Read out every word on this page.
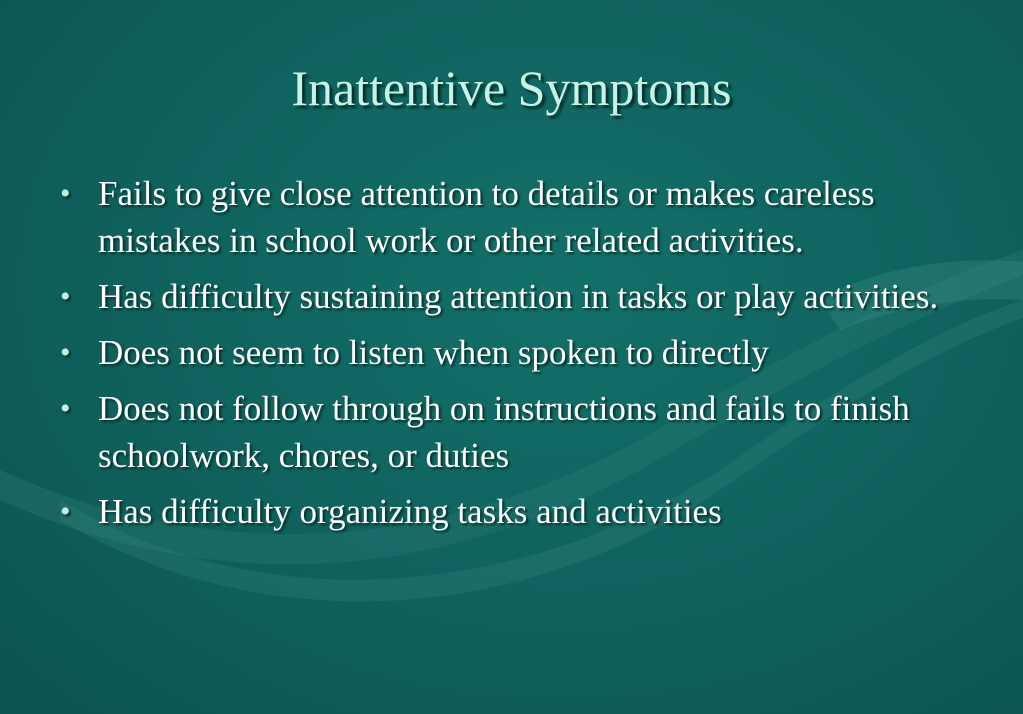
Inattentive Symptoms
• Fails to give close attention to details or makes careless mistakes in school work or other related activities.
• Has difficulty sustaining attention in tasks or play activities.
• Does not seem to listen when spoken to directly
• Does not follow through on instructions and fails to finish schoolwork, chores, or duties
• Has difficulty organizing tasks and activities
